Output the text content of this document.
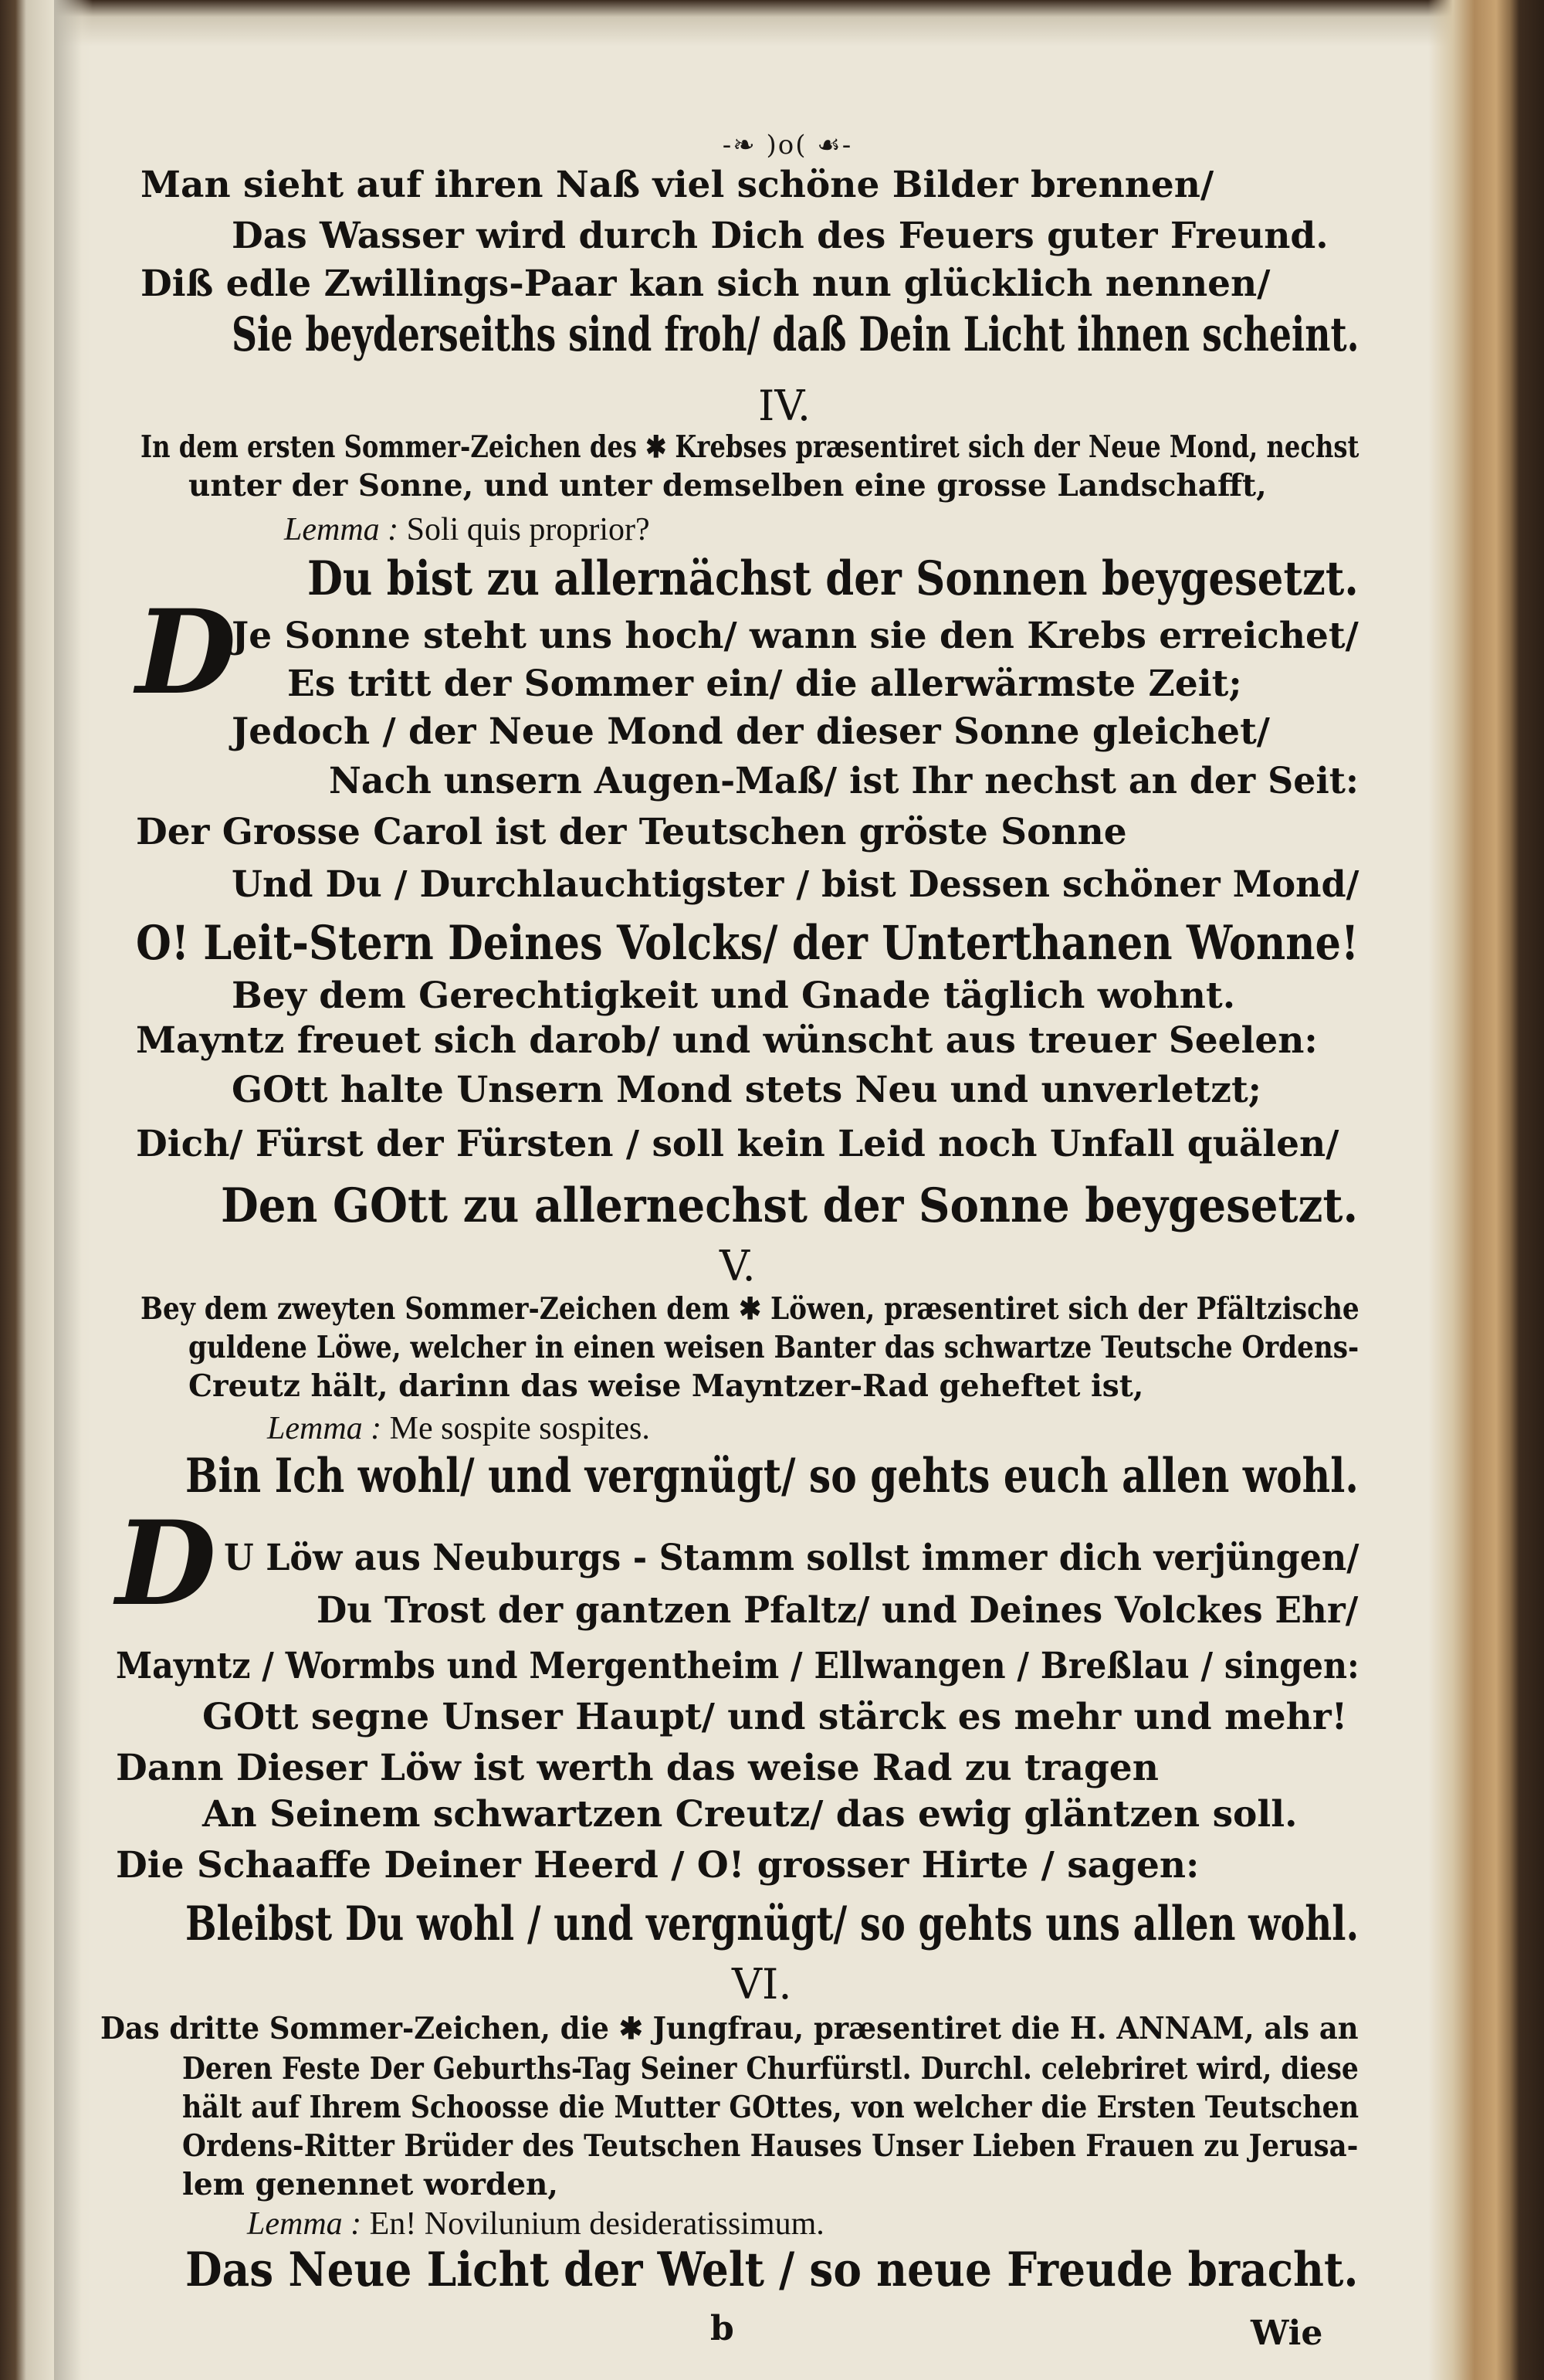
-❧ )o( ☙-
Man sieht auf ihren Naß viel schöne Bilder brennen/
Das Wasser wird durch Dich des Feuers guter Freund.
Diß edle Zwillings-Paar kan sich nun glücklich nennen/
Sie beyderseiths sind froh/ daß Dein Licht ihnen scheint.
IV.
In dem ersten Sommer-Zeichen des ✱ Krebses præsentiret sich der Neue Mond, nechst
unter der Sonne, und unter demselben eine grosse Landschafft,
Lemma : Soli quis proprior?
Du bist zu allernächst der Sonnen beygesetzt.
D
Je Sonne steht uns hoch/ wann sie den Krebs erreichet/
Es tritt der Sommer ein/ die allerwärmste Zeit;
Jedoch / der Neue Mond der dieser Sonne gleichet/
Nach unsern Augen-Maß/ ist Ihr nechst an der Seit:
Der Grosse Carol ist der Teutschen gröste Sonne
Und Du / Durchlauchtigster / bist Dessen schöner Mond/
O! Leit-Stern Deines Volcks/ der Unterthanen Wonne!
Bey dem Gerechtigkeit und Gnade täglich wohnt.
Mayntz freuet sich darob/ und wünscht aus treuer Seelen:
GOtt halte Unsern Mond stets Neu und unverletzt;
Dich/ Fürst der Fürsten / soll kein Leid noch Unfall quälen/
Den GOtt zu allernechst der Sonne beygesetzt.
V.
Bey dem zweyten Sommer-Zeichen dem ✱ Löwen, præsentiret sich der Pfältzische
guldene Löwe, welcher in einen weisen Banter das schwartze Teutsche Ordens-
Creutz hält, darinn das weise Mayntzer-Rad geheftet ist,
Lemma : Me sospite sospites.
Bin Ich wohl/ und vergnügt/ so gehts euch allen wohl.
D U Löw aus Neuburgs - Stamm sollst immer dich verjüngen/
Du Trost der gantzen Pfaltz/ und Deines Volckes Ehr/
Mayntz / Wormbs und Mergentheim / Ellwangen / Breßlau / singen:
GOtt segne Unser Haupt/ und stärck es mehr und mehr!
Dann Dieser Löw ist werth das weise Rad zu tragen
An Seinem schwartzen Creutz/ das ewig gläntzen soll.
Die Schaaffe Deiner Heerd / O! grosser Hirte / sagen:
Bleibst Du wohl / und vergnügt/ so gehts uns allen wohl.
VI.
Das dritte Sommer-Zeichen, die ✱ Jungfrau, præsentiret die H. ANNAM, als an
Deren Feste Der Geburths-Tag Seiner Churfürstl. Durchl. celebriret wird, diese
hält auf Ihrem Schoosse die Mutter GOttes, von welcher die Ersten Teutschen
Ordens-Ritter Brüder des Teutschen Hauses Unser Lieben Frauen zu Jerusa-
lem genennet worden,
Lemma : En! Novilunium desideratissimum.
Das Neue Licht der Welt / so neue Freude bracht.
b	Wie
